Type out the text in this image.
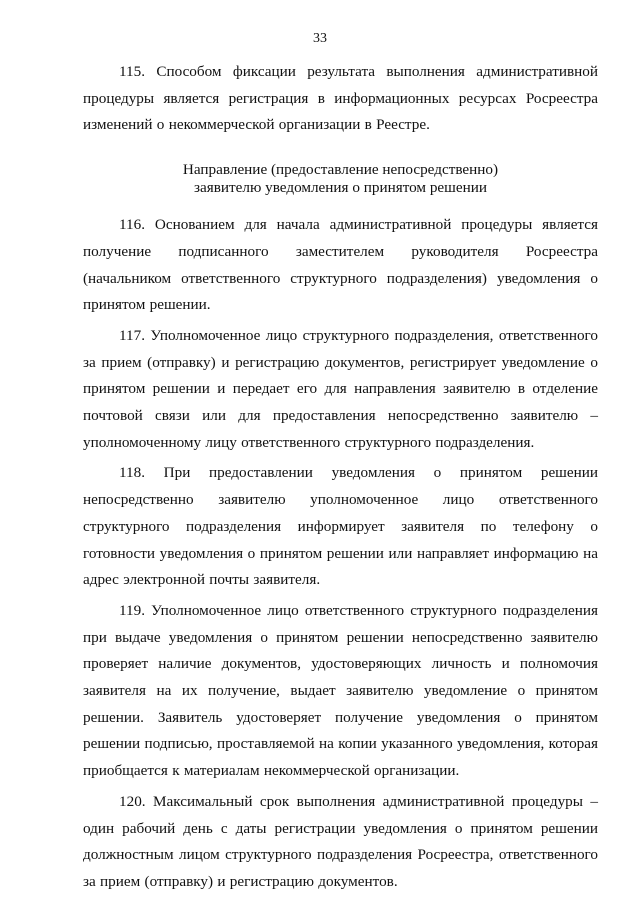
33

115. Способом фиксации результата выполнения административной процедуры является регистрация в информационных ресурсах Росреестра изменений о некоммерческой организации в Реестре.

Направление (предоставление непосредственно)
заявителю уведомления о принятом решении

116. Основанием для начала административной процедуры является получение подписанного заместителем руководителя Росреестра (начальником ответственного структурного подразделения) уведомления о принятом решении.

117. Уполномоченное лицо структурного подразделения, ответственного за прием (отправку) и регистрацию документов, регистрирует уведомление о принятом решении и передает его для направления заявителю в отделение почтовой связи или для предоставления непосредственно заявителю – уполномоченному лицу ответственного структурного подразделения.

118. При предоставлении уведомления о принятом решении непосредственно заявителю уполномоченное лицо ответственного структурного подразделения информирует заявителя по телефону о готовности уведомления о принятом решении или направляет информацию на адрес электронной почты заявителя.

119. Уполномоченное лицо ответственного структурного подразделения при выдаче уведомления о принятом решении непосредственно заявителю проверяет наличие документов, удостоверяющих личность и полномочия заявителя на их получение, выдает заявителю уведомление о принятом решении. Заявитель удостоверяет получение уведомления о принятом решении подписью, проставляемой на копии указанного уведомления, которая приобщается к материалам некоммерческой организации.

120. Максимальный срок выполнения административной процедуры – один рабочий день с даты регистрации уведомления о принятом решении должностным лицом структурного подразделения Росреестра, ответственного за прием (отправку) и регистрацию документов.
